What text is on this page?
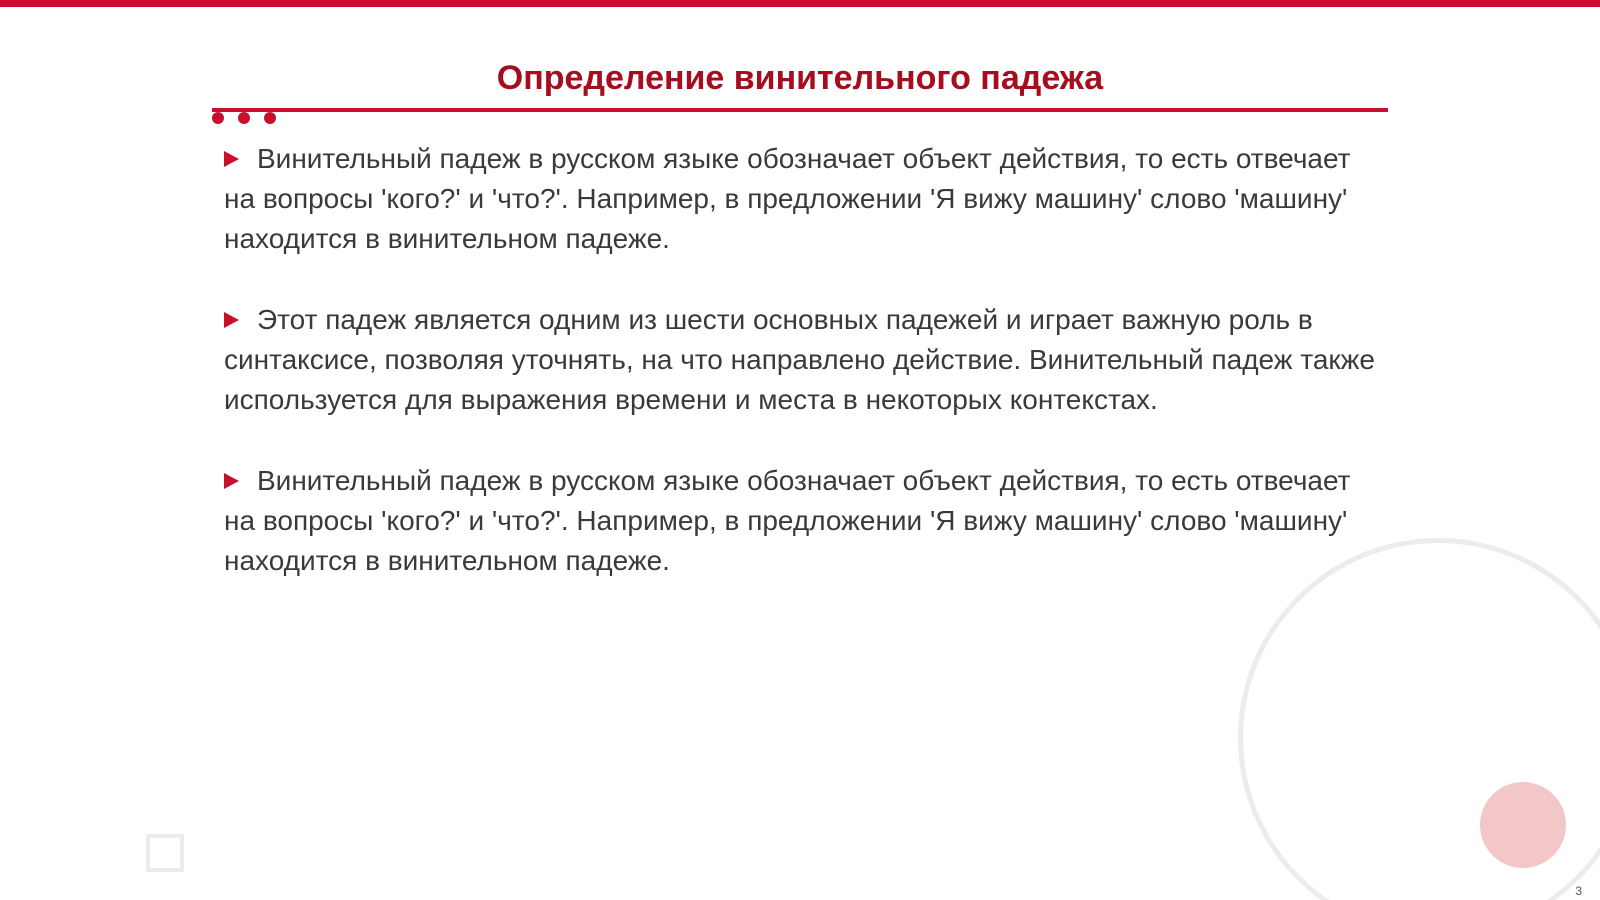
Определение винительного падежа

Винительный падеж в русском языке обозначает объект действия, то есть отвечает на вопросы 'кого?' и 'что?'. Например, в предложении 'Я вижу машину' слово 'машину' находится в винительном падеже.

Этот падеж является одним из шести основных падежей и играет важную роль в синтаксисе, позволяя уточнять, на что направлено действие. Винительный падеж также используется для выражения времени и места в некоторых контекстах.

Винительный падеж в русском языке обозначает объект действия, то есть отвечает на вопросы 'кого?' и 'что?'. Например, в предложении 'Я вижу машину' слово 'машину' находится в винительном падеже.

3
